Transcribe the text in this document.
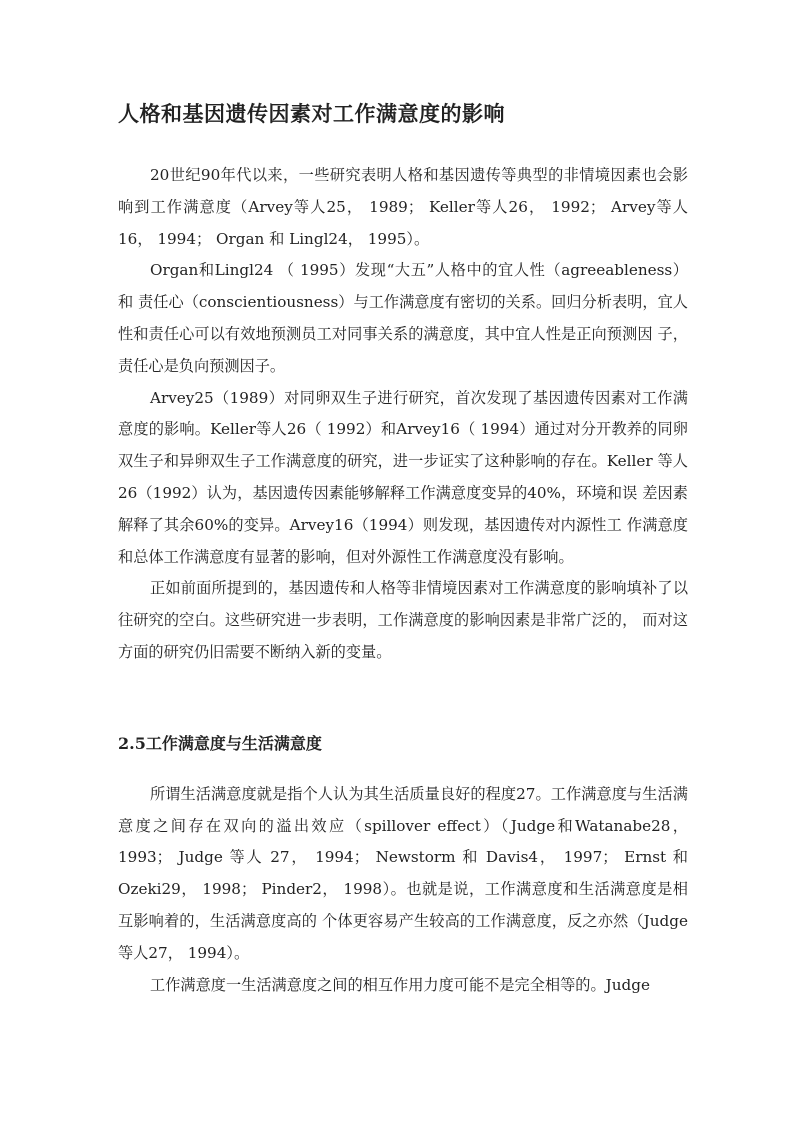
人格和基因遗传因素对工作满意度的影响

20世纪90年代以来，一些研究表明人格和基因遗传等典型的非情境因素也会影响到工作满意度（Arvey等人25， 1989； Keller等人26， 1992； Arvey等人16， 1994； Organ 和 Lingl24， 1995）。

Organ和Lingl24 （ 1995）发现“大五”人格中的宜人性（agreeableness）和 责任心（conscientiousness）与工作满意度有密切的关系。回归分析表明，宜人 性和责任心可以有效地预测员工对同事关系的满意度，其中宜人性是正向预测因 子，责任心是负向预测因子。

Arvey25（1989）对同卵双生子进行研究，首次发现了基因遗传因素对工作满意度的影响。Keller等人26（ 1992）和Arvey16（ 1994）通过对分开教养的同卵 双生子和异卵双生子工作满意度的研究，进一步证实了这种影响的存在。Keller 等人26（1992）认为，基因遗传因素能够解释工作满意度变异的40%，环境和误 差因素解释了其余60%的变异。Arvey16（1994）则发现，基因遗传对内源性工 作满意度和总体工作满意度有显著的影响，但对外源性工作满意度没有影响。

正如前面所提到的，基因遗传和人格等非情境因素对工作满意度的影响填补了以往研究的空白。这些研究进一步表明，工作满意度的影响因素是非常广泛的， 而对这方面的研究仍旧需要不断纳入新的变量。

2.5工作满意度与生活满意度

所谓生活满意度就是指个人认为其生活质量良好的程度27。工作满意度与生活满意度之间存在双向的溢出效应（spillover effect）（Judge和Watanabe28， 1993； Judge 等人 27， 1994； Newstorm 和 Davis4， 1997； Ernst 和 Ozeki29， 1998； Pinder2， 1998）。也就是说，工作满意度和生活满意度是相互影响着的，生活满意度高的 个体更容易产生较高的工作满意度，反之亦然（Judge等人27， 1994）。

工作满意度一生活满意度之间的相互作用力度可能不是完全相等的。Judge
